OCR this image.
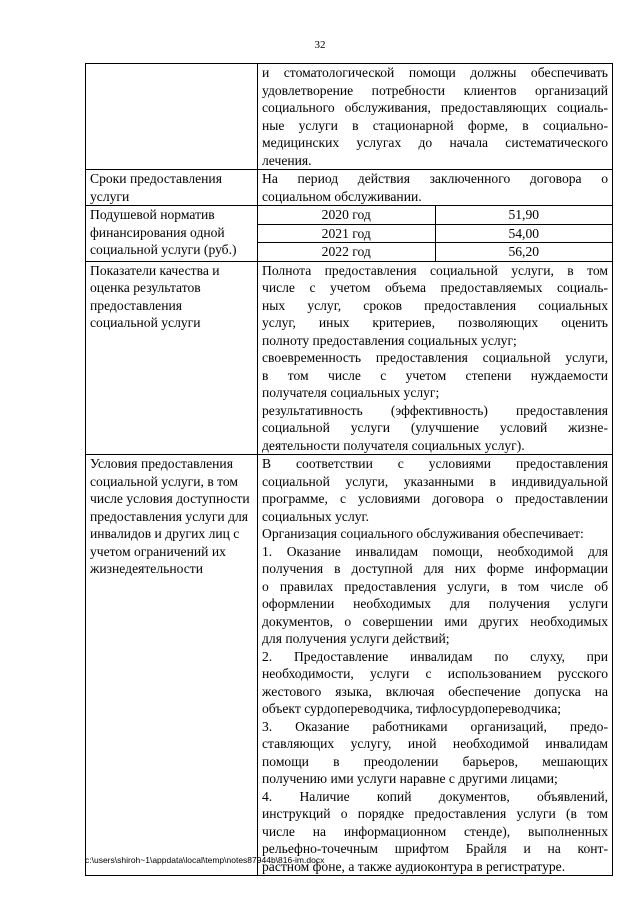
32

и стоматологической помощи должны обеспечивать
удовлетворение потребности клиентов организаций
социального обслуживания, предоставляющих социаль-
ные услуги в стационарной форме, в социально-
медицинских услугах до начала систематического
лечения.

Сроки предоставления услуги	
На период действия заключенного договора о
социальном обслуживании.

Подушевой норматив финансирования одной социальной услуги (руб.)	
2020 год	51,90
2021 год	54,00
2022 год	56,20

Показатели качества и оценка результатов предоставления социальной услуги	
Полнота предоставления социальной услуги, в том
числе с учетом объема предоставляемых социаль-
ных услуг, сроков предоставления социальных
услуг, иных критериев, позволяющих оценить
полноту предоставления социальных услуг;
своевременность предоставления социальной услуги,
в том числе с учетом степени нуждаемости
получателя социальных услуг;
результативность (эффективность) предоставления
социальной услуги (улучшение условий жизне-
деятельности получателя социальных услуг).

Условия предоставления социальной услуги, в том числе условия доступности предоставления услуги для инвалидов и других лиц с учетом ограничений их жизнедеятельности	
В соответствии с условиями предоставления
социальной услуги, указанными в индивидуальной
программе, с условиями договора о предоставлении
социальных услуг.
Организация социального обслуживания обеспечивает:
1. Оказание инвалидам помощи, необходимой для
получения в доступной для них форме информации
о правилах предоставления услуги, в том числе об
оформлении необходимых для получения услуги
документов, о совершении ими других необходимых
для получения услуги действий;
2. Предоставление инвалидам по слуху, при
необходимости, услуги с использованием русского
жестового языка, включая обеспечение допуска на
объект сурдопереводчика, тифлосурдопереводчика;
3. Оказание работниками организаций, предо-
ставляющих услугу, иной необходимой инвалидам
помощи в преодолении барьеров, мешающих
получению ими услуги наравне с другими лицами;
4. Наличие копий документов, объявлений,
инструкций о порядке предоставления услуги (в том
числе на информационном стенде), выполненных
рельефно-точечным шрифтом Брайля и на конт-
растном фоне, а также аудиоконтура в регистратуре.
c:\users\shiroh~1\appdata\local\temp\notes87944b\816-im.docx
